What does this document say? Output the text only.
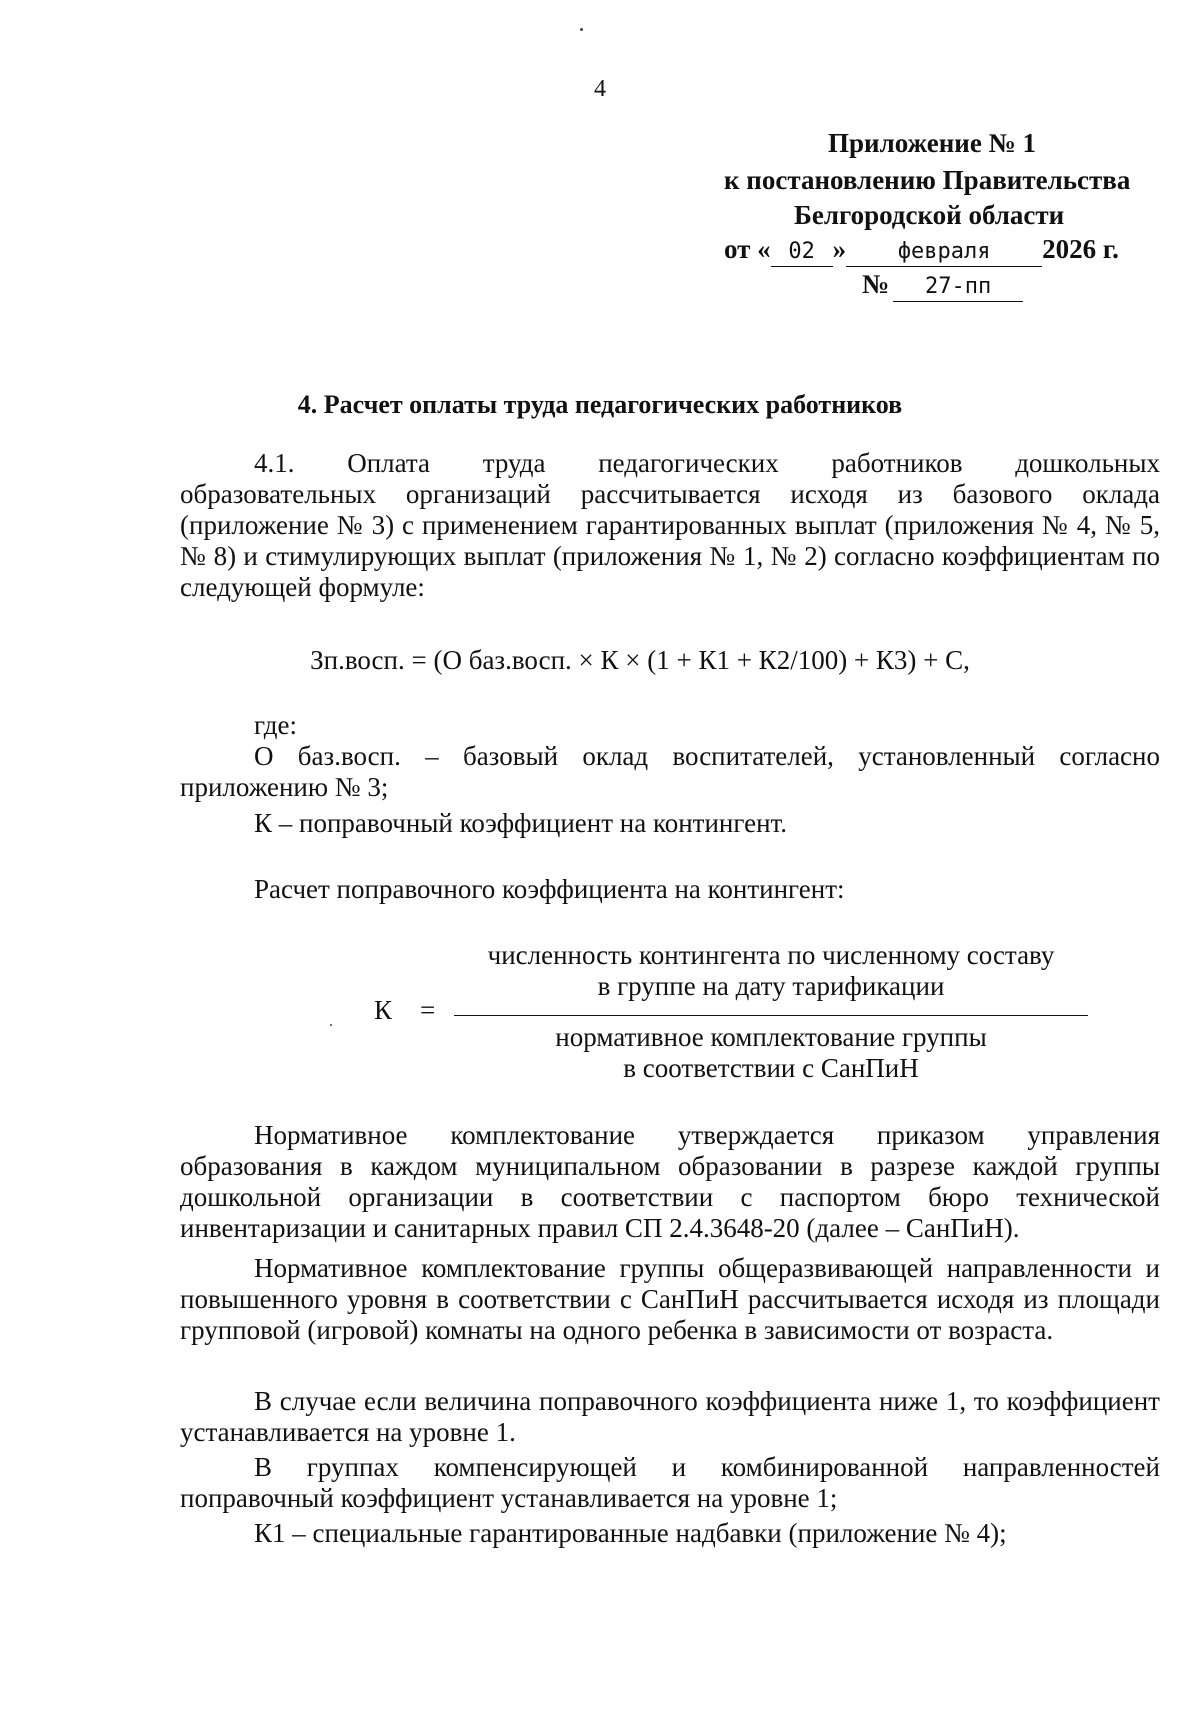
4
Приложение № 1
к постановлению Правительства
Белгородской области
от « 02 » февраля 2026 г.
№ 27-пп
4. Расчет оплаты труда педагогических работников
4.1.      Оплата      труда      педагогических      работников      дошкольных
образовательных организаций рассчитывается исходя из базового оклада (приложение № 3) с применением гарантированных выплат (приложения № 4, № 5, № 8) и стимулирующих выплат (приложения № 1, № 2) согласно коэффициентам по следующей формуле:
Зп.восп. = (О баз.восп. × К × (1 + К1 + К2/100) + К3) + С,
где:
О баз.восп. – базовый оклад воспитателей, установленный согласно приложению № 3;
К – поправочный коэффициент на контингент.
Расчет поправочного коэффициента на контингент:
численность контингента по численному составу
в группе на дату тарификации
К =
нормативное комплектование группы
в соответствии с СанПиН
Нормативное комплектование утверждается приказом управления образования в каждом муниципальном образовании в разрезе каждой группы дошкольной организации в соответствии с паспортом бюро технической инвентаризации и санитарных правил СП 2.4.3648-20 (далее – СанПиН).
Нормативное комплектование группы общеразвивающей направленности и повышенного уровня в соответствии с СанПиН рассчитывается исходя из площади групповой (игровой) комнаты на одного ребенка в зависимости от возраста.
В случае если величина поправочного коэффициента ниже 1, то коэффициент устанавливается на уровне 1.
В группах компенсирующей и комбинированной направленностей поправочный коэффициент устанавливается на уровне 1;
К1 – специальные гарантированные надбавки (приложение № 4);
